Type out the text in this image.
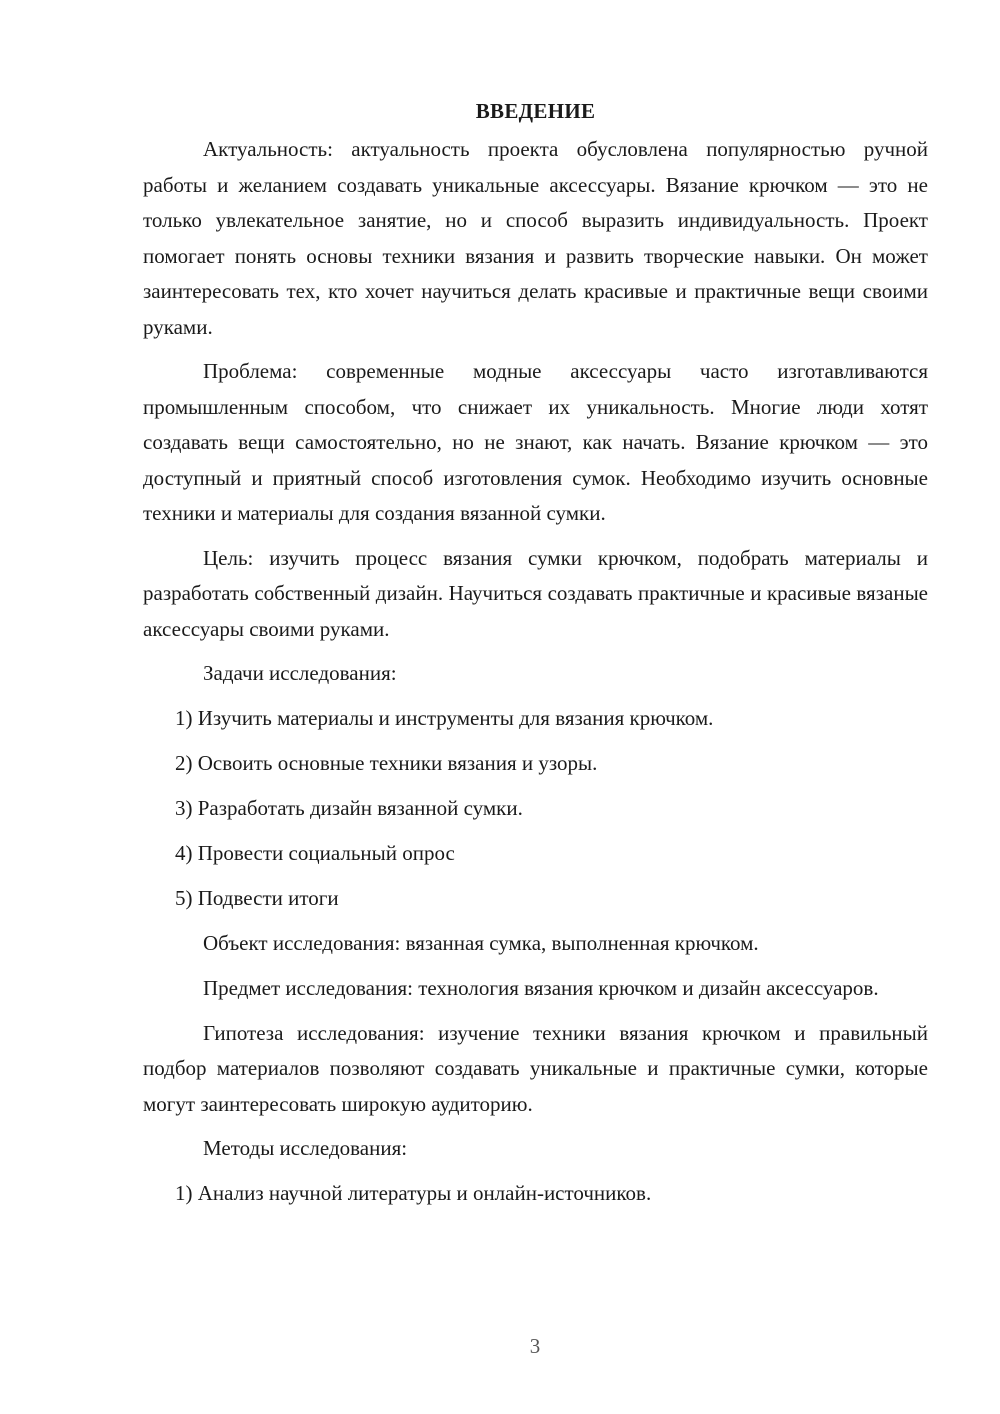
ВВЕДЕНИЕ

Актуальность: актуальность проекта обусловлена популярностью ручной работы и желанием создавать уникальные аксессуары. Вязание крючком — это не только увлекательное занятие, но и способ выразить индивидуальность. Проект помогает понять основы техники вязания и развить творческие навыки. Он может заинтересовать тех, кто хочет научиться делать красивые и практичные вещи своими руками.

Проблема: современные модные аксессуары часто изготавливаются промышленным способом, что снижает их уникальность. Многие люди хотят создавать вещи самостоятельно, но не знают, как начать. Вязание крючком — это доступный и приятный способ изготовления сумок. Необходимо изучить основные техники и материалы для создания вязанной сумки.

Цель: изучить процесс вязания сумки крючком, подобрать материалы и разработать собственный дизайн. Научиться создавать практичные и красивые вязаные аксессуары своими руками.

Задачи исследования:

1) Изучить материалы и инструменты для вязания крючком.

2) Освоить основные техники вязания и узоры.

3) Разработать дизайн вязанной сумки.

4) Провести социальный опрос

5) Подвести итоги

Объект исследования: вязанная сумка, выполненная крючком.

Предмет исследования: технология вязания крючком и дизайн аксессуаров.

Гипотеза исследования: изучение техники вязания крючком и правильный подбор материалов позволяют создавать уникальные и практичные сумки, которые могут заинтересовать широкую аудиторию.

Методы исследования:

1) Анализ научной литературы и онлайн-источников.

3
